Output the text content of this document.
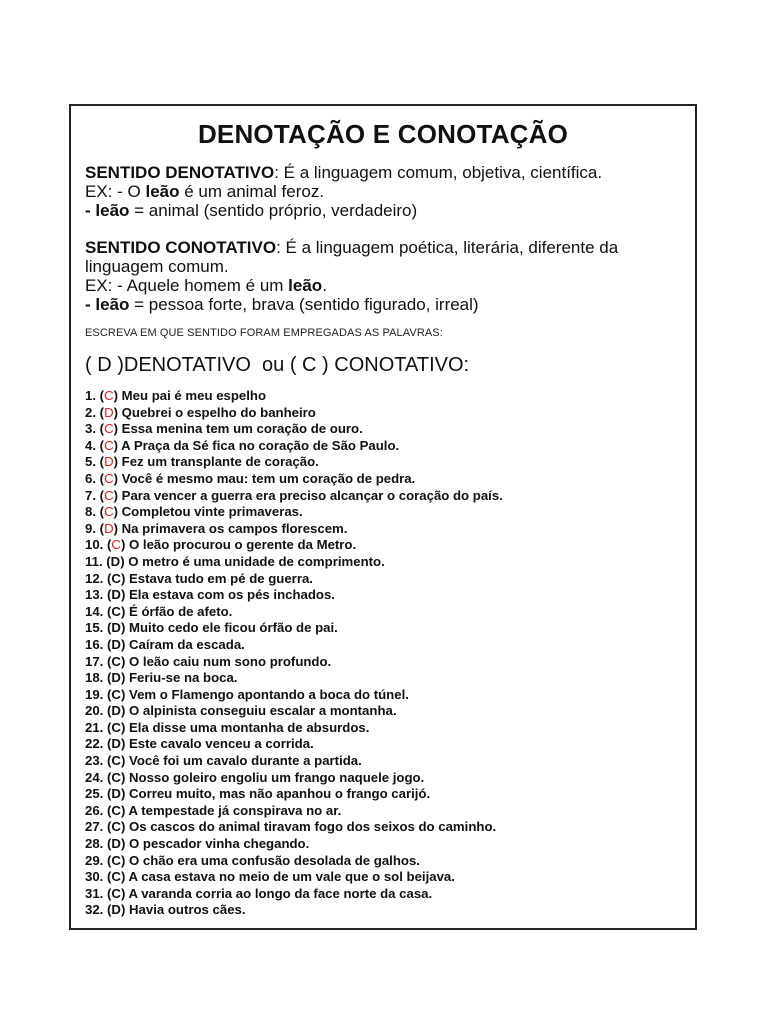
DENOTAÇÃO E CONOTAÇÃO

SENTIDO DENOTATIVO: É a linguagem comum, objetiva, científica.

EX: - O leão é um animal feroz.

- leão = animal (sentido próprio, verdadeiro)

SENTIDO CONOTATIVO: É a linguagem poética, literária, diferente da linguagem comum.

EX: - Aquele homem é um leão.

- leão = pessoa forte, brava (sentido figurado, irreal)

ESCREVA EM QUE SENTIDO FORAM EMPREGADAS AS PALAVRAS:

( D )DENOTATIVO  ou ( C ) CONOTATIVO:

1. (C) Meu pai é meu espelho
2. (D) Quebrei o espelho do banheiro
3. (C) Essa menina tem um coração de ouro.
4. (C) A Praça da Sé fica no coração de São Paulo.
5. (D) Fez um transplante de coração.
6. (C) Você é mesmo mau: tem um coração de pedra.
7. (C) Para vencer a guerra era preciso alcançar o coração do país.
8. (C) Completou vinte primaveras.
9. (D) Na primavera os campos florescem.
10. (C) O leão procurou o gerente da Metro.
11. (D) O metro é uma unidade de comprimento.
12. (C) Estava tudo em pé de guerra.
13. (D) Ela estava com os pés inchados.
14. (C) É órfão de afeto.
15. (D) Muito cedo ele ficou órfão de pai.
16. (D) Caíram da escada.
17. (C) O leão caiu num sono profundo.
18. (D) Feriu-se na boca.
19. (C) Vem o Flamengo apontando a boca do túnel.
20. (D) O alpinista conseguiu escalar a montanha.
21. (C) Ela disse uma montanha de absurdos.
22. (D) Este cavalo venceu a corrida.
23. (C) Você foi um cavalo durante a partida.
24. (C) Nosso goleiro engoliu um frango naquele jogo.
25. (D) Correu muito, mas não apanhou o frango carijó.
26. (C) A tempestade já conspirava no ar.
27. (C) Os cascos do animal tiravam fogo dos seixos do caminho.
28. (D) O pescador vinha chegando.
29. (C) O chão era uma confusão desolada de galhos.
30. (C) A casa estava no meio de um vale que o sol beijava.
31. (C) A varanda corria ao longo da face norte da casa.
32. (D) Havia outros cães.
